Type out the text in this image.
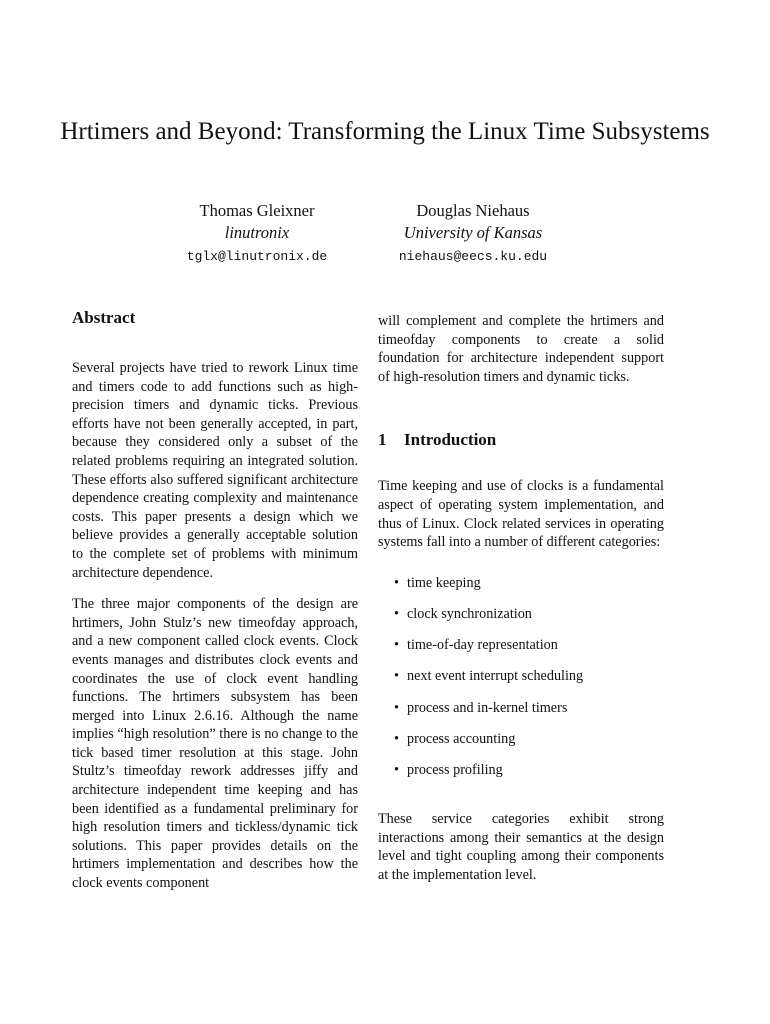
Hrtimers and Beyond: Transforming the Linux Time Subsystems
Thomas Gleixner
linutronix
tglx@linutronix.de
Douglas Niehaus
University of Kansas
niehaus@eecs.ku.edu
Abstract

Several projects have tried to rework Linux time and timers code to add functions such as high-precision timers and dynamic ticks. Previous efforts have not been generally accepted, in part, because they considered only a subset of the related problems requiring an integrated solution. These efforts also suffered significant architecture dependence creating complexity and maintenance costs. This paper presents a design which we believe provides a generally acceptable solution to the complete set of problems with minimum architecture dependence.

The three major components of the design are hrtimers, John Stulz’s new timeofday approach, and a new component called clock events. Clock events manages and distributes clock events and coordinates the use of clock event handling functions. The hrtimers subsystem has been merged into Linux 2.6.16. Although the name implies “high resolution” there is no change to the tick based timer resolution at this stage. John Stultz’s timeofday rework addresses jiffy and architecture independent time keeping and has been identified as a fundamental preliminary for high resolution timers and tickless/dynamic tick solutions. This paper provides details on the hrtimers implementation and describes how the clock events component

will complement and complete the hrtimers and timeofday components to create a solid foundation for architecture independent support of high-resolution timers and dynamic ticks.

1 Introduction

Time keeping and use of clocks is a fundamental aspect of operating system implementation, and thus of Linux. Clock related services in operating systems fall into a number of different categories:

• time keeping
• clock synchronization
• time-of-day representation
• next event interrupt scheduling
• process and in-kernel timers
• process accounting
• process profiling

These service categories exhibit strong interactions among their semantics at the design level and tight coupling among their components at the implementation level.
